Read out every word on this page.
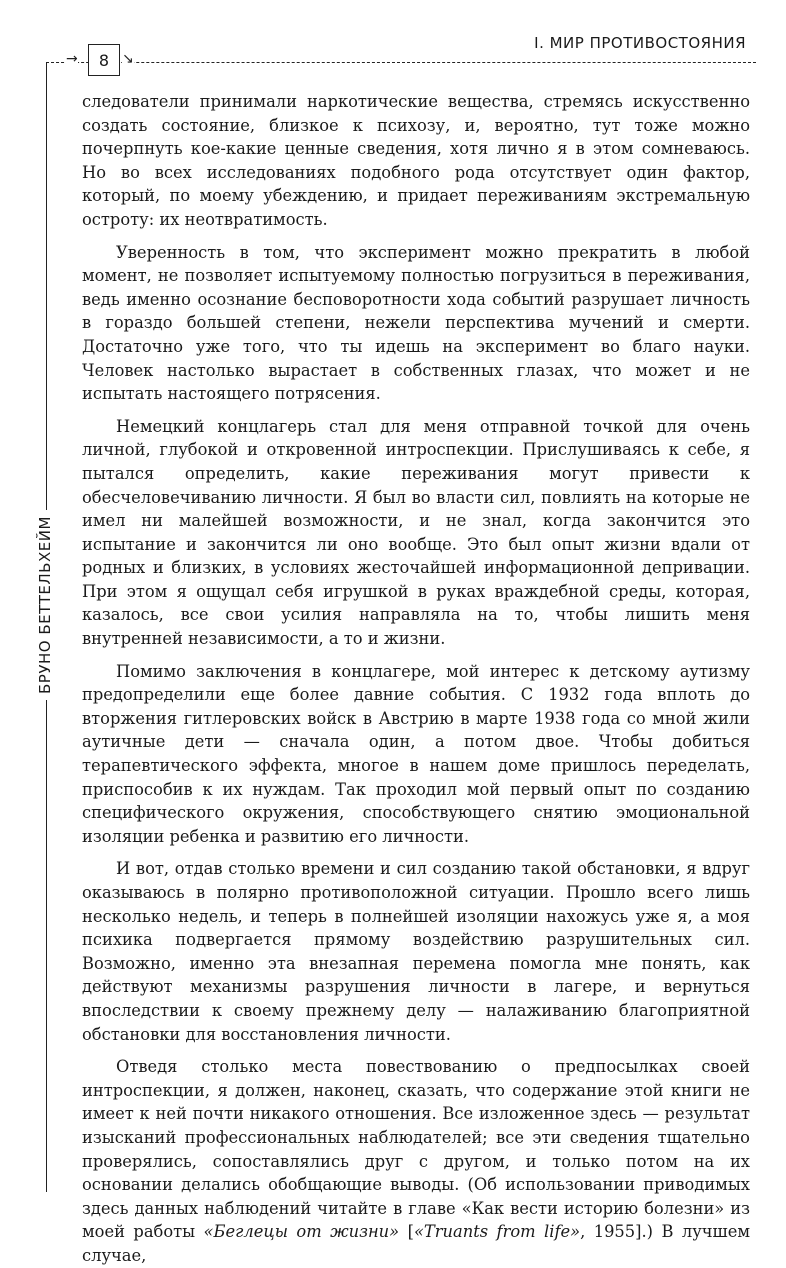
→	8 ↘
I. МИР ПРОТИВОСТОЯНИЯ
БРУНО БЕТТЕЛЬХЕЙМ

следователи принимали наркотические вещества, стремясь искусственно создать состояние, близкое к психозу, и, вероятно, тут тоже можно почерпнуть кое-какие ценные сведения, хотя лично я в этом сомневаюсь. Но во всех исследованиях подобного рода отсутствует один фактор, который, по моему убеждению, и придает переживаниям экстремальную остроту: их неотвратимость.

Уверенность в том, что эксперимент можно прекратить в любой момент, не позволяет испытуемому полностью погрузиться в переживания, ведь именно осознание бесповоротности хода событий разрушает личность в гораздо большей степени, нежели перспектива мучений и смерти. Достаточно уже того, что ты идешь на эксперимент во благо науки. Человек настолько вырастает в собственных глазах, что может и не испытать настоящего потрясения.

Немецкий концлагерь стал для меня отправной точкой для очень личной, глубокой и откровенной интроспекции. Прислушиваясь к себе, я пытался определить, какие переживания могут привести к обесчеловечиванию личности. Я был во власти сил, повлиять на которые не имел ни малейшей возможности, и не знал, когда закончится это испытание и закончится ли оно вообще. Это был опыт жизни вдали от родных и близких, в условиях жесточайшей информационной депривации. При этом я ощущал себя игрушкой в руках враждебной среды, которая, казалось, все свои усилия направляла на то, чтобы лишить меня внутренней независимости, а то и жизни.

Помимо заключения в концлагере, мой интерес к детскому аутизму предопределили еще более давние события. С 1932 года вплоть до вторжения гитлеровских войск в Австрию в марте 1938 года со мной жили аутичные дети — сначала один, а потом двое. Чтобы добиться терапевтического эффекта, многое в нашем доме пришлось переделать, приспособив к их нуждам. Так проходил мой первый опыт по созданию специфического окружения, способствующего снятию эмоциональной изоляции ребенка и развитию его личности.

И вот, отдав столько времени и сил созданию такой обстановки, я вдруг оказываюсь в полярно противоположной ситуации. Прошло всего лишь несколько недель, и теперь в полнейшей изоляции нахожусь уже я, а моя психика подвергается прямому воздействию разрушительных сил. Возможно, именно эта внезапная перемена помогла мне понять, как действуют механизмы разрушения личности в лагере, и вернуться впоследствии к своему прежнему делу — налаживанию благоприятной обстановки для восстановления личности.

Отведя столько места повествованию о предпосылках своей интроспекции, я должен, наконец, сказать, что содержание этой книги не имеет к ней почти никакого отношения. Все изложенное здесь — результат изысканий профессиональных наблюдателей; все эти сведения тщательно проверялись, сопоставлялись друг с другом, и только потом на их основании делались обобщающие выводы. (Об использовании приводимых здесь данных наблюдений читайте в главе «Как вести историю болезни» из моей работы «Беглецы от жизни» [«Truants from life», 1955].) В лучшем случае,
